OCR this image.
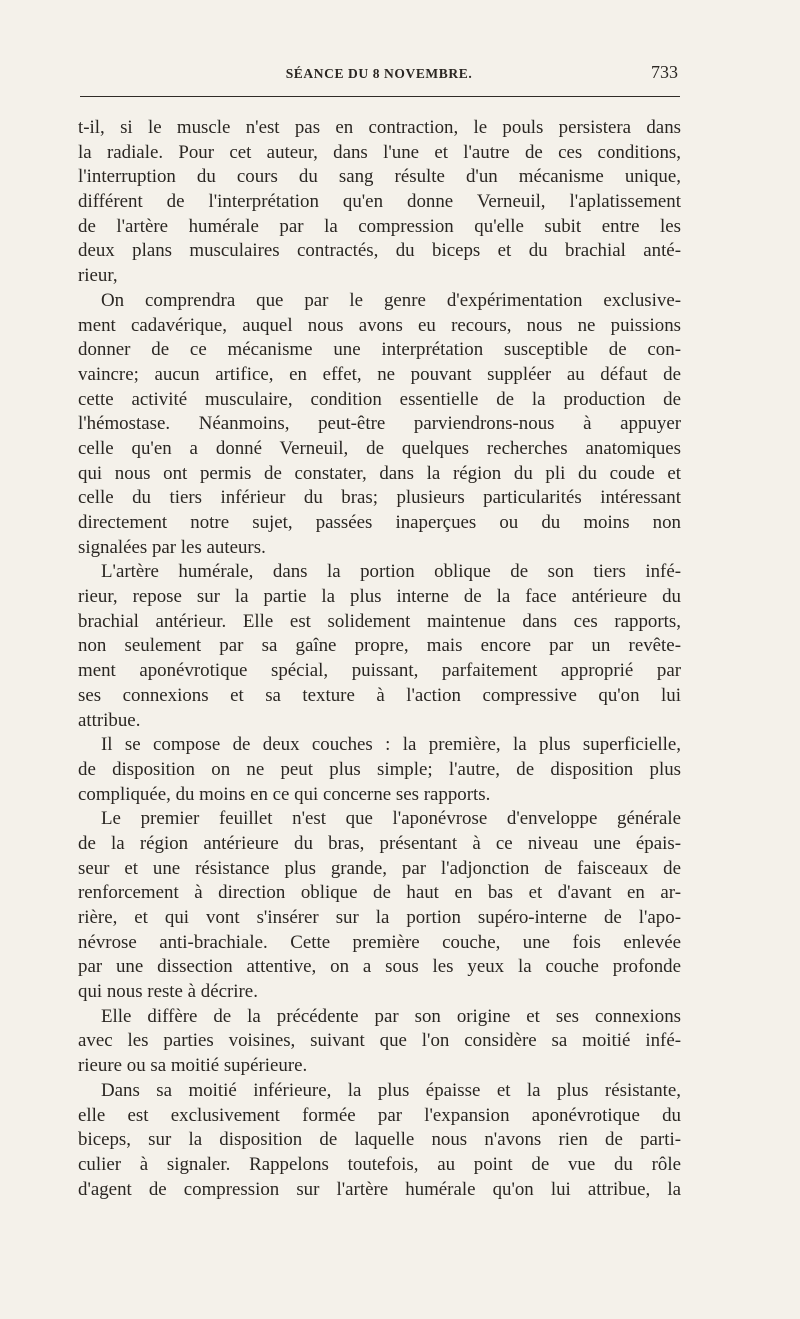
SÉANCE DU 8 NOVEMBRE.	733
t-il, si le muscle n'est pas en contraction, le pouls persistera dans
la radiale. Pour cet auteur, dans l'une et l'autre de ces conditions,
l'interruption du cours du sang résulte d'un mécanisme unique,
différent de l'interprétation qu'en donne Verneuil, l'aplatissement
de l'artère humérale par la compression qu'elle subit entre les
deux plans musculaires contractés, du biceps et du brachial anté-
rieur,
On comprendra que par le genre d'expérimentation exclusive-
ment cadavérique, auquel nous avons eu recours, nous ne puissions
donner de ce mécanisme une interprétation susceptible de con-
vaincre; aucun artifice, en effet, ne pouvant suppléer au défaut de
cette activité musculaire, condition essentielle de la production de
l'hémostase. Néanmoins, peut-être parviendrons-nous à appuyer
celle qu'en a donné Verneuil, de quelques recherches anatomiques
qui nous ont permis de constater, dans la région du pli du coude et
celle du tiers inférieur du bras; plusieurs particularités intéressant
directement notre sujet, passées inaperçues ou du moins non
signalées par les auteurs.
L'artère humérale, dans la portion oblique de son tiers infé-
rieur, repose sur la partie la plus interne de la face antérieure du
brachial antérieur. Elle est solidement maintenue dans ces rapports,
non seulement par sa gaîne propre, mais encore par un revête-
ment aponévrotique spécial, puissant, parfaitement approprié par
ses connexions et sa texture à l'action compressive qu'on lui
attribue.
Il se compose de deux couches : la première, la plus superficielle,
de disposition on ne peut plus simple; l'autre, de disposition plus
compliquée, du moins en ce qui concerne ses rapports.
Le premier feuillet n'est que l'aponévrose d'enveloppe générale
de la région antérieure du bras, présentant à ce niveau une épais-
seur et une résistance plus grande, par l'adjonction de faisceaux de
renforcement à direction oblique de haut en bas et d'avant en ar-
rière, et qui vont s'insérer sur la portion supéro-interne de l'apo-
névrose anti-brachiale. Cette première couche, une fois enlevée
par une dissection attentive, on a sous les yeux la couche profonde
qui nous reste à décrire.
Elle diffère de la précédente par son origine et ses connexions
avec les parties voisines, suivant que l'on considère sa moitié infé-
rieure ou sa moitié supérieure.
Dans sa moitié inférieure, la plus épaisse et la plus résistante,
elle est exclusivement formée par l'expansion aponévrotique du
biceps, sur la disposition de laquelle nous n'avons rien de parti-
culier à signaler. Rappelons toutefois, au point de vue du rôle
d'agent de compression sur l'artère humérale qu'on lui attribue, la
